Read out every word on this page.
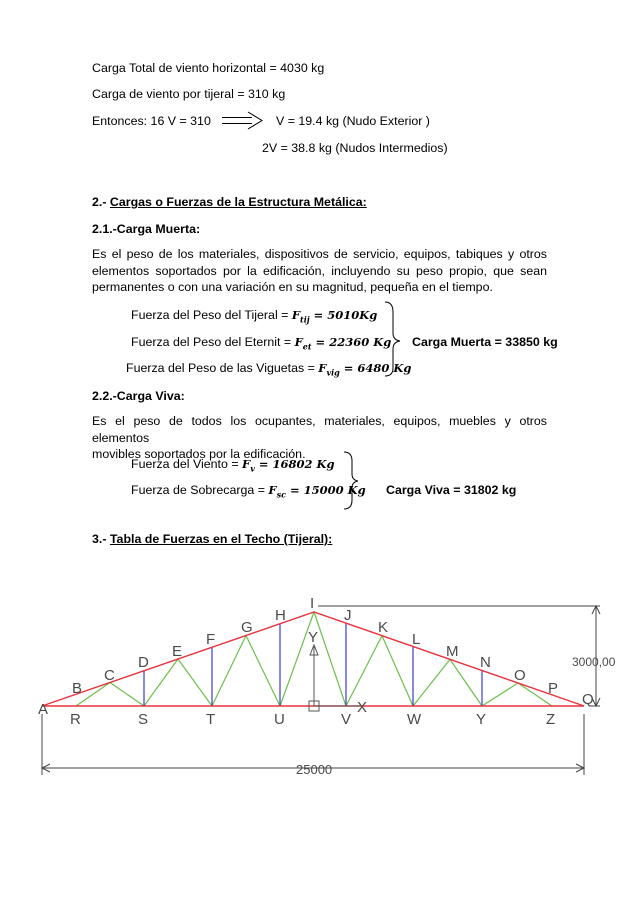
Carga Total de viento horizontal = 4030 kg
Carga de viento por tijeral = 310 kg
Entonces: 16 V = 310	V = 19.4 kg (Nudo Exterior )
2V = 38.8 kg (Nudos Intermedios)
2.- Cargas o Fuerzas de la Estructura Metálica:
2.1.-Carga Muerta:
Es el peso de los materiales, dispositivos de servicio, equipos, tabiques y otros
elementos soportados por la edificación, incluyendo su peso propio, que sean
permanentes o con una variación en su magnitud, pequeña en el tiempo.
Fuerza del Peso del Tijeral = $F_{tij} = 5010Kg$
Fuerza del Peso del Eternit = $F_{et} = 22360$ Kg
Fuerza del Peso de las Viguetas = $F_{vig} = 6480$ Kg
Carga Muerta = 33850 kg
2.2.-Carga Viva:
Es el peso de todos los ocupantes, materiales, equipos, muebles y otros elementos
movibles soportados por la edificación.
Fuerza del Viento = $F_v = 16802$ Kg
Fuerza de Sobrecarga = $F_{sc} = 15000$ Kg Carga Viva = 31802 kg
3.- Tabla de Fuerzas en el Techo (Tijeral):
A
B
C
D
E
F
G
H
I
J
K
L
M
N
O
P
Q
R	S	T	U	V	W	Y	Z
Y
X
25000
3000,00
